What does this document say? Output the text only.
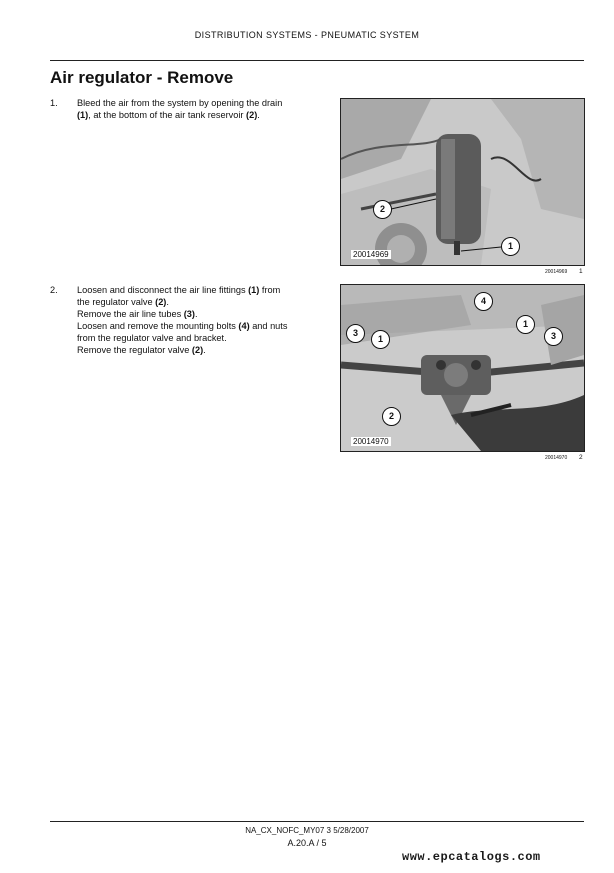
DISTRIBUTION SYSTEMS - PNEUMATIC SYSTEM
Air regulator - Remove
1. Bleed the air from the system by opening the drain

(1), at the bottom of the air tank reservoir (2).

2. Loosen and disconnect the air line fittings (1) from

the regulator valve (2).

Remove the air line tubes (3).

Loosen and remove the mounting bolts (4) and nuts

from the regulator valve and bracket.

Remove the regulator valve (2).

2
1
20014969
20014969 1
4
3
1
1
3
2
20014970
20014970 2
NA_CX_NOFC_MY07 3 5/28/2007
A.20.A / 5
www.epcatalogs.com
